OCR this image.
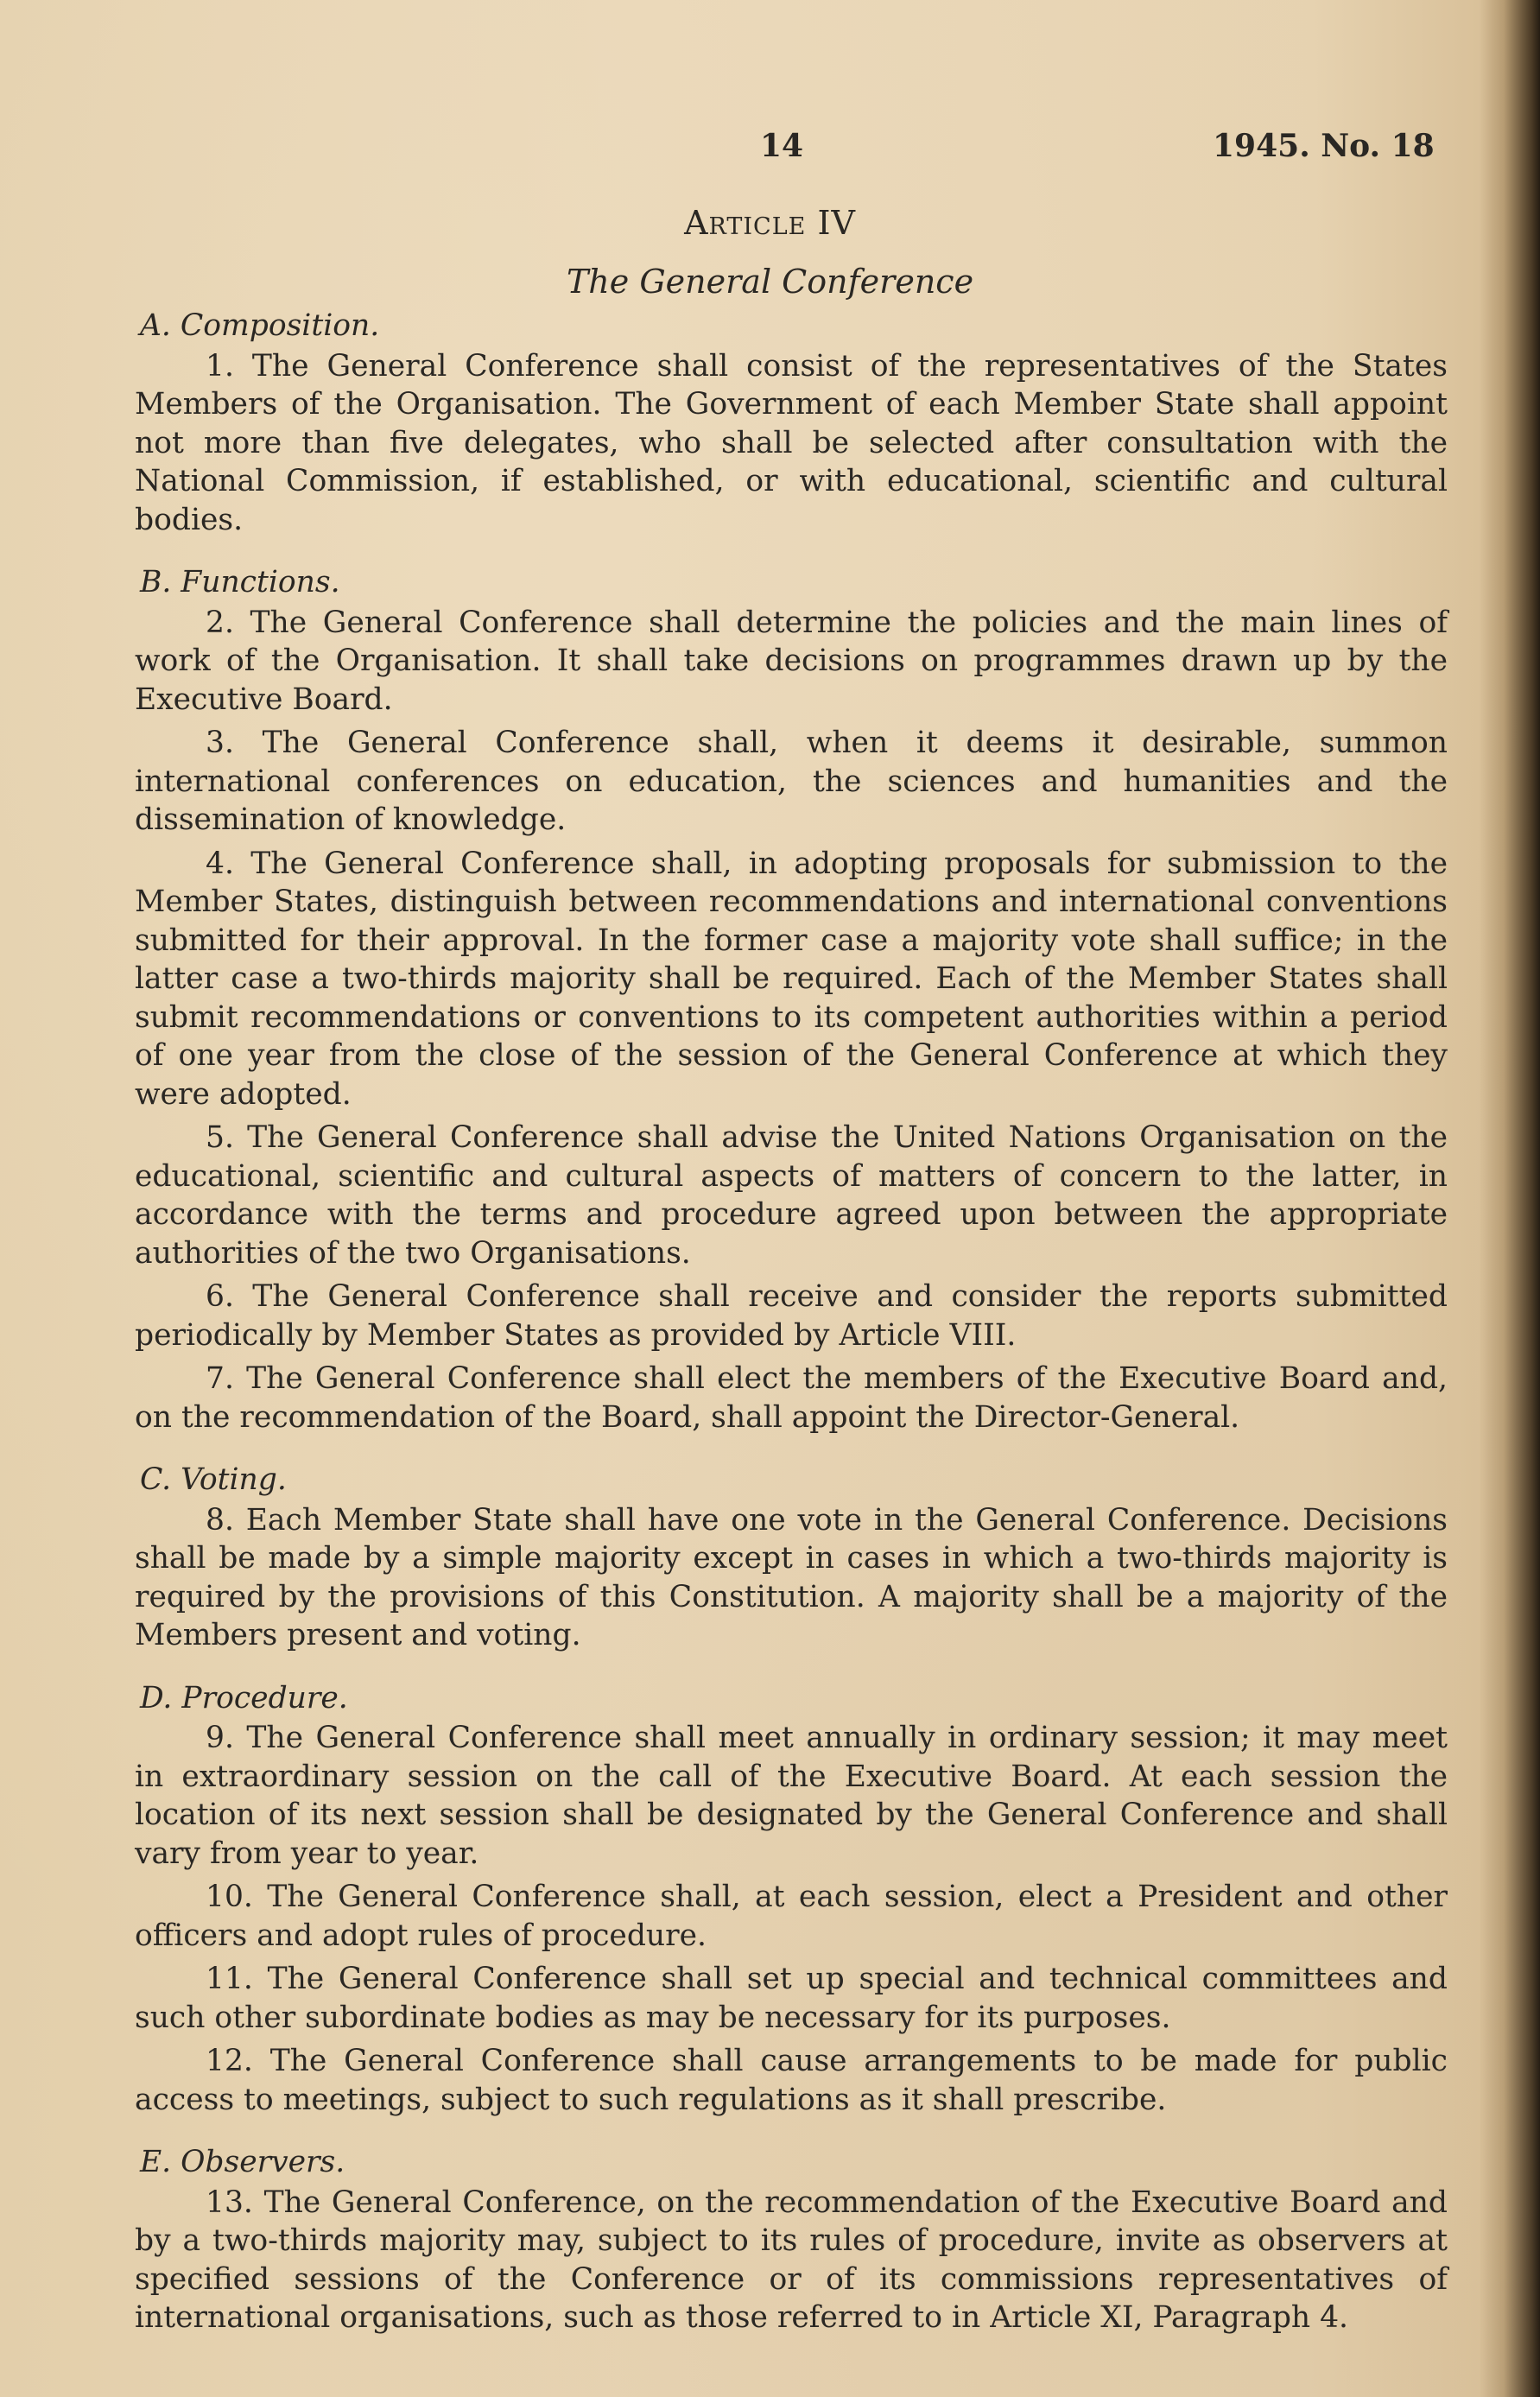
14	1945. No. 18
Article IV
The General Conference
A. Composition.

1. The General Conference shall consist of the representatives of the States Members of the Organisation. The Government of each Member State shall appoint not more than five delegates, who shall be selected after consultation with the National Commission, if established, or with educational, scientific and cultural bodies.

B. Functions.

2. The General Conference shall determine the policies and the main lines of work of the Organisation. It shall take decisions on programmes drawn up by the Executive Board.

3. The General Conference shall, when it deems it desirable, summon international conferences on education, the sciences and humanities and the dissemination of knowledge.

4. The General Conference shall, in adopting proposals for submission to the Member States, distinguish between recommendations and international conventions submitted for their approval. In the former case a majority vote shall suffice; in the latter case a two-thirds majority shall be required. Each of the Member States shall submit recommendations or conventions to its competent authorities within a period of one year from the close of the session of the General Conference at which they were adopted.

5. The General Conference shall advise the United Nations Organisation on the educational, scientific and cultural aspects of matters of concern to the latter, in accordance with the terms and procedure agreed upon between the appropriate authorities of the two Organisations.

6. The General Conference shall receive and consider the reports submitted periodically by Member States as provided by Article VIII.

7. The General Conference shall elect the members of the Executive Board and, on the recommendation of the Board, shall appoint the Director-General.

C. Voting.

8. Each Member State shall have one vote in the General Conference. Decisions shall be made by a simple majority except in cases in which a two-thirds majority is required by the provisions of this Constitution. A majority shall be a majority of the Members present and voting.

D. Procedure.

9. The General Conference shall meet annually in ordinary session; it may meet in extraordinary session on the call of the Executive Board. At each session the location of its next session shall be designated by the General Conference and shall vary from year to year.

10. The General Conference shall, at each session, elect a President and other officers and adopt rules of procedure.

11. The General Conference shall set up special and technical committees and such other subordinate bodies as may be necessary for its purposes.

12. The General Conference shall cause arrangements to be made for public access to meetings, subject to such regulations as it shall prescribe.

E. Observers.

13. The General Conference, on the recommendation of the Executive Board and by a two-thirds majority may, subject to its rules of procedure, invite as observers at specified sessions of the Conference or of its commissions representatives of international organisations, such as those referred to in Article XI, Paragraph 4.
